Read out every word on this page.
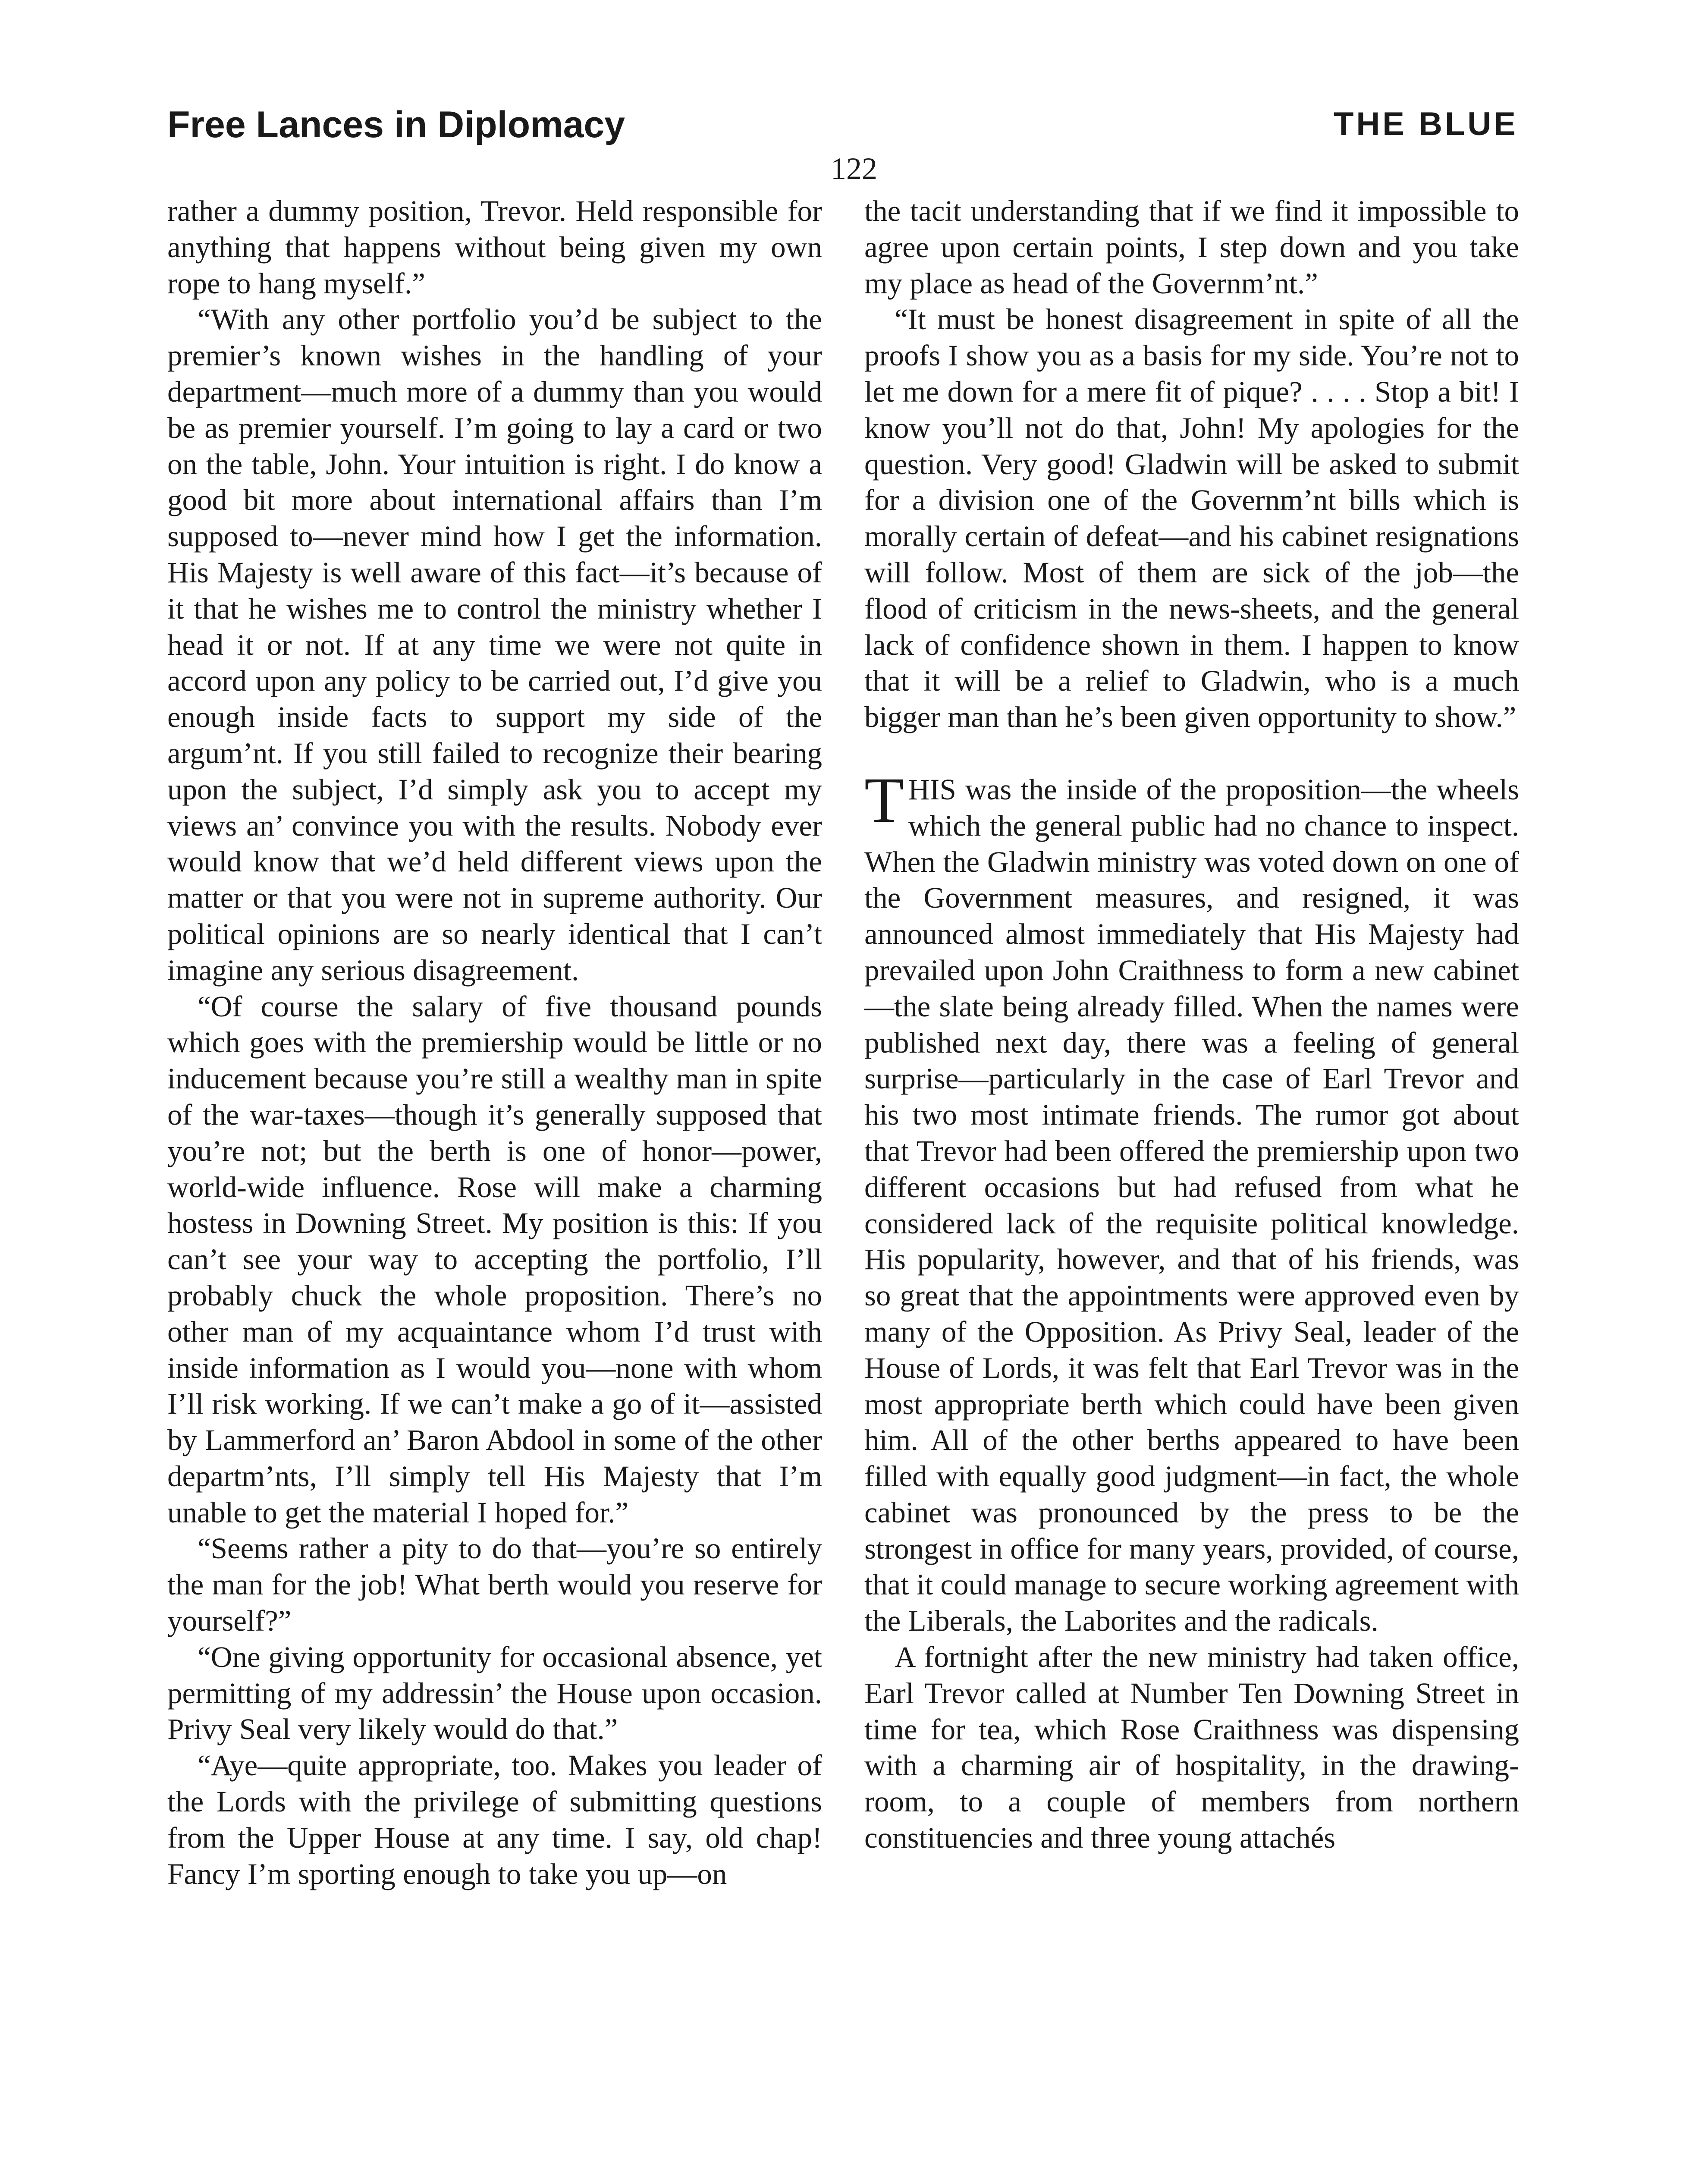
Free Lances in Diplomacy	THE BLUE
122

rather a dummy position, Trevor. Held responsible for anything that happens without being given my own rope to hang myself.”

“With any other portfolio you’d be subject to the premier’s known wishes in the handling of your department—much more of a dummy than you would be as premier yourself. I’m going to lay a card or two on the table, John. Your intuition is right. I do know a good bit more about international affairs than I’m supposed to—never mind how I get the information. His Majesty is well aware of this fact—it’s because of it that he wishes me to control the ministry whether I head it or not. If at any time we were not quite in accord upon any policy to be carried out, I’d give you enough inside facts to support my side of the argum’nt. If you still failed to recognize their bearing upon the subject, I’d simply ask you to accept my views an’ convince you with the results. Nobody ever would know that we’d held different views upon the matter or that you were not in supreme authority. Our political opinions are so nearly identical that I can’t imagine any serious disagreement.

“Of course the salary of five thousand pounds which goes with the premiership would be little or no inducement because you’re still a wealthy man in spite of the war-taxes—though it’s generally supposed that you’re not; but the berth is one of honor—power, world-wide influence. Rose will make a charming hostess in Downing Street. My position is this: If you can’t see your way to accepting the portfolio, I’ll probably chuck the whole proposition. There’s no other man of my acquaintance whom I’d trust with inside information as I would you—none with whom I’ll risk working. If we can’t make a go of it—assisted by Lammerford an’ Baron Abdool in some of the other departm’nts, I’ll simply tell His Majesty that I’m unable to get the material I hoped for.”

“Seems rather a pity to do that—you’re so entirely the man for the job! What berth would you reserve for yourself?”

“One giving opportunity for occasional absence, yet permitting of my addressin’ the House upon occasion. Privy Seal very likely would do that.”

“Aye—quite appropriate, too. Makes you leader of the Lords with the privilege of submitting questions from the Upper House at any time. I say, old chap! Fancy I’m sporting enough to take you up—on

the tacit understanding that if we find it impossible to agree upon certain points, I step down and you take my place as head of the Governm’nt.”

“It must be honest disagreement in spite of all the proofs I show you as a basis for my side. You’re not to let me down for a mere fit of pique? . . . . Stop a bit! I know you’ll not do that, John! My apologies for the question. Very good! Gladwin will be asked to submit for a division one of the Governm’nt bills which is morally certain of defeat—and his cabinet resignations will follow. Most of them are sick of the job—the flood of criticism in the news-sheets, and the general lack of confidence shown in them. I happen to know that it will be a relief to Gladwin, who is a much bigger man than he’s been given opportunity to show.”

THIS was the inside of the proposition—the wheels which the general public had no chance to inspect. When the Gladwin ministry was voted down on one of the Government measures, and resigned, it was announced almost immediately that His Majesty had prevailed upon John Craithness to form a new cabinet—the slate being already filled. When the names were published next day, there was a feeling of general surprise—particularly in the case of Earl Trevor and his two most intimate friends. The rumor got about that Trevor had been offered the premiership upon two different occasions but had refused from what he considered lack of the requisite political knowledge. His popularity, however, and that of his friends, was so great that the appointments were approved even by many of the Opposition. As Privy Seal, leader of the House of Lords, it was felt that Earl Trevor was in the most appropriate berth which could have been given him. All of the other berths appeared to have been filled with equally good judgment—in fact, the whole cabinet was pronounced by the press to be the strongest in office for many years, provided, of course, that it could manage to secure working agreement with the Liberals, the Laborites and the radicals.

A fortnight after the new ministry had taken office, Earl Trevor called at Number Ten Downing Street in time for tea, which Rose Craithness was dispensing with a charming air of hospitality, in the drawing-room, to a couple of members from northern constituencies and three young attachés
